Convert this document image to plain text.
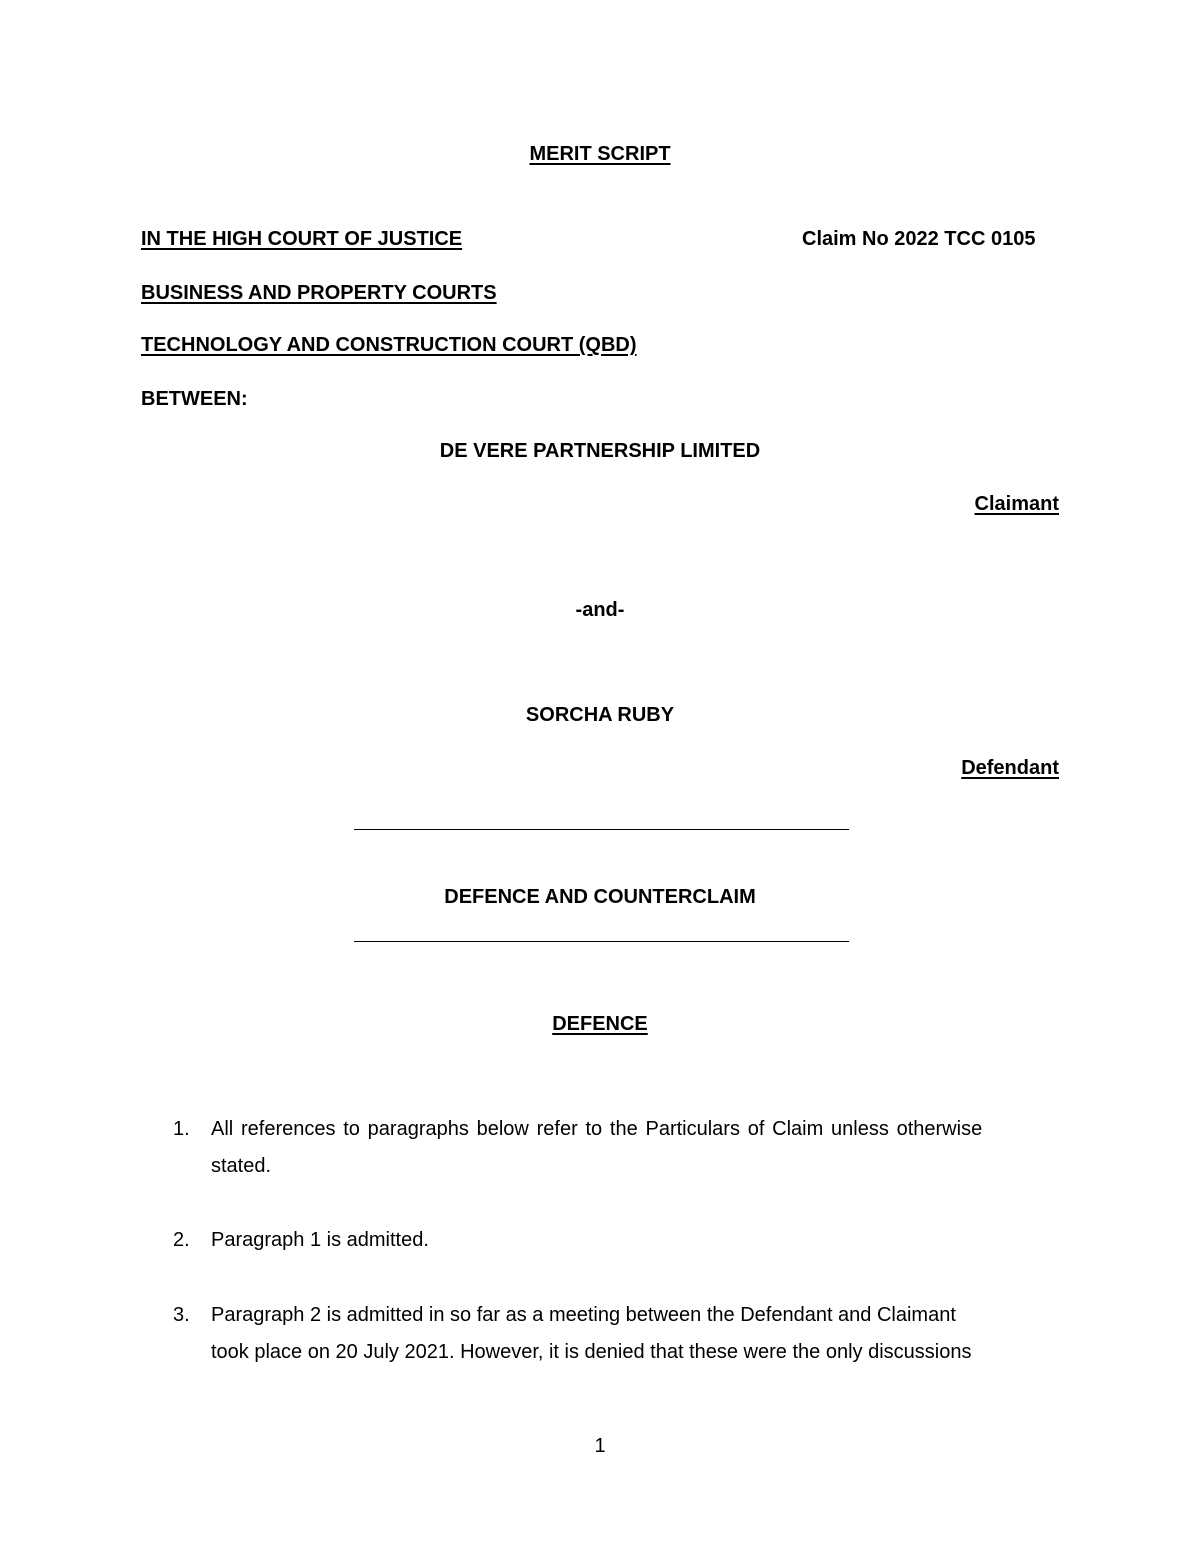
MERIT SCRIPT
IN THE HIGH COURT OF JUSTICE	Claim No 2022 TCC 0105
BUSINESS AND PROPERTY COURTS
TECHNOLOGY AND CONSTRUCTION COURT (QBD)
BETWEEN:
DE VERE PARTNERSHIP LIMITED
Claimant
-and-
SORCHA RUBY
Defendant
DEFENCE AND COUNTERCLAIM
DEFENCE
1.	All references to paragraphs below refer to the Particulars of Claim unless otherwise
stated.
2.	Paragraph 1 is admitted.
3.	Paragraph 2 is admitted in so far as a meeting between the Defendant and Claimant
took place on 20 July 2021. However, it is denied that these were the only discussions
1
